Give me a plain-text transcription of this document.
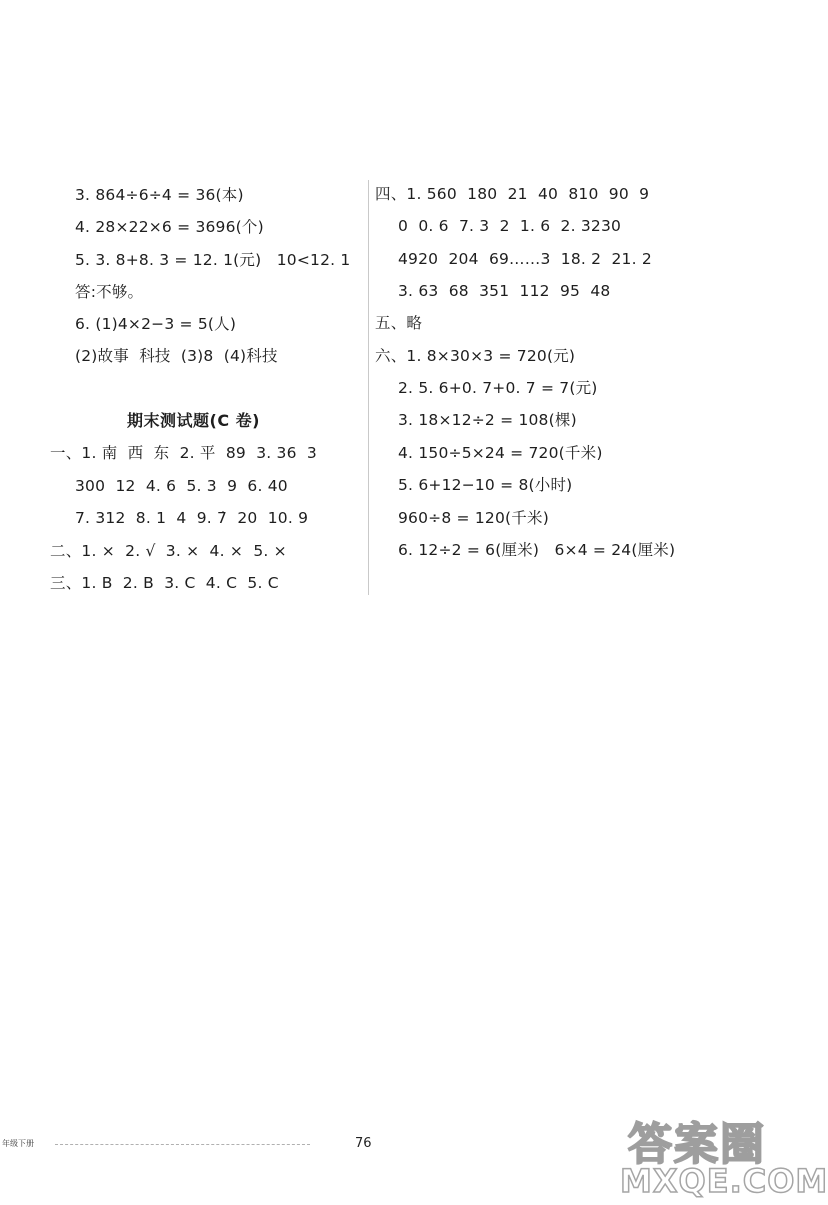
3. 864÷6÷4 = 36(本)
4. 28×22×6 = 3696(个)
5. 3. 8+8. 3 = 12. 1(元)   10<12. 1
答:不够。
6. (1)4×2−3 = 5(人)
(2)故事  科技  (3)8  (4)科技
期末测试题(C 卷)
一、1. 南  西  东  2. 平  89  3. 36  3
300  12  4. 6  5. 3  9  6. 40
7. 312  8. 1  4  9. 7̇  20  10. 9
二、1. ×  2. √  3. ×  4. ×  5. ×
三、1. B  2. B  3. C  4. C  5. C
四、1. 560  180  21  40  810  90  9
0  0. 6  7. 3  2  1. 6  2. 3230
4920  204  69……3  18. 2  21. 2
3. 63  68  351  112  95  48
五、略
六、1. 8×30×3 = 720(元)
2. 5. 6+0. 7+0. 7 = 7(元)
3. 18×12÷2 = 108(棵)
4. 150÷5×24 = 720(千米)
5. 6+12−10 = 8(小时)
960÷8 = 120(千米)
6. 12÷2 = 6(厘米)   6×4 = 24(厘米)
年级下册	76	答案圈
MXQE.COM
